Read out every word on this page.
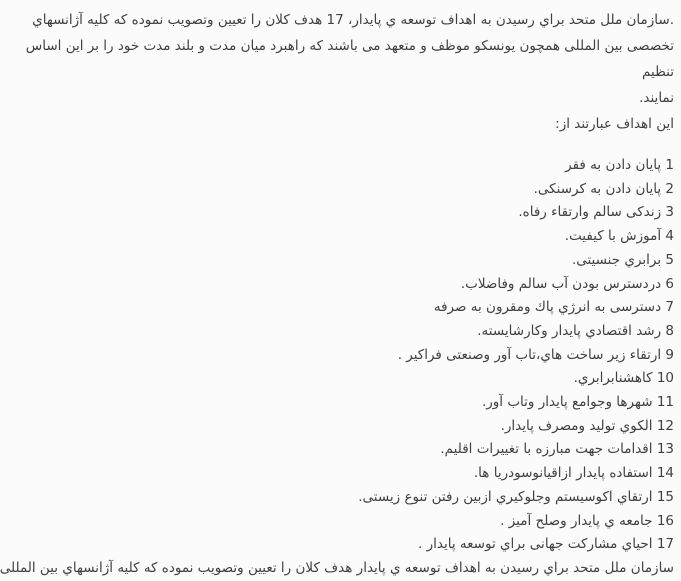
.سازمان ملل متحد براي رسيدن به اهداف توسعه ي پايدار، 17 هدف كلان را تعيين وتصويب نموده كه كليه آژانسهاي
تخصصی بين المللی همچون يونسكو موظف و متعهد می باشند كه راهبرد ميان مدت و بلند مدت خود را بر اين اساس
تنظيم
نمايند.
اين اهداف عبارتند از:
1 پايان دادن به فقر
2 پايان دادن به كرسنكی.
3 زندكی سالم وارتقاء رفاه.
4 آموزش با كيفيت.
5 برابري جنسيتی.
6 دردسترس بودن آب سالم وفاضلاب.
7 دسترسی به انرژي پاك ومقرون به صرفه
8 رشد اقتصادي پايدار وكارشايسته.
9 ارتقاء زير ساخت هاي،تاب آور وصنعتی فراكير .
10 كاهشنابرابري.
11 شهرها وجوامع پايدار وتاب آور.
12 الكوي توليد ومصرف پايدار.
13 اقدامات جهت مبارزه با تغييرات اقليم.
14 استفاده پايدار ازاقيانوسودريا ها.
15 ارتقاي اكوسيستم وجلوكيري ازبين رفتن تنوع زيستی.
16 جامعه ي پايدار وصلح آميز .
17 احياي مشاركت جهانی براي توسعه پايدار .
سازمان ملل متحد براي رسيدن به اهداف توسعه ي پايدار هدف كلان را تعيين وتصويب نموده كه كليه آژانسهاي بين المللی
